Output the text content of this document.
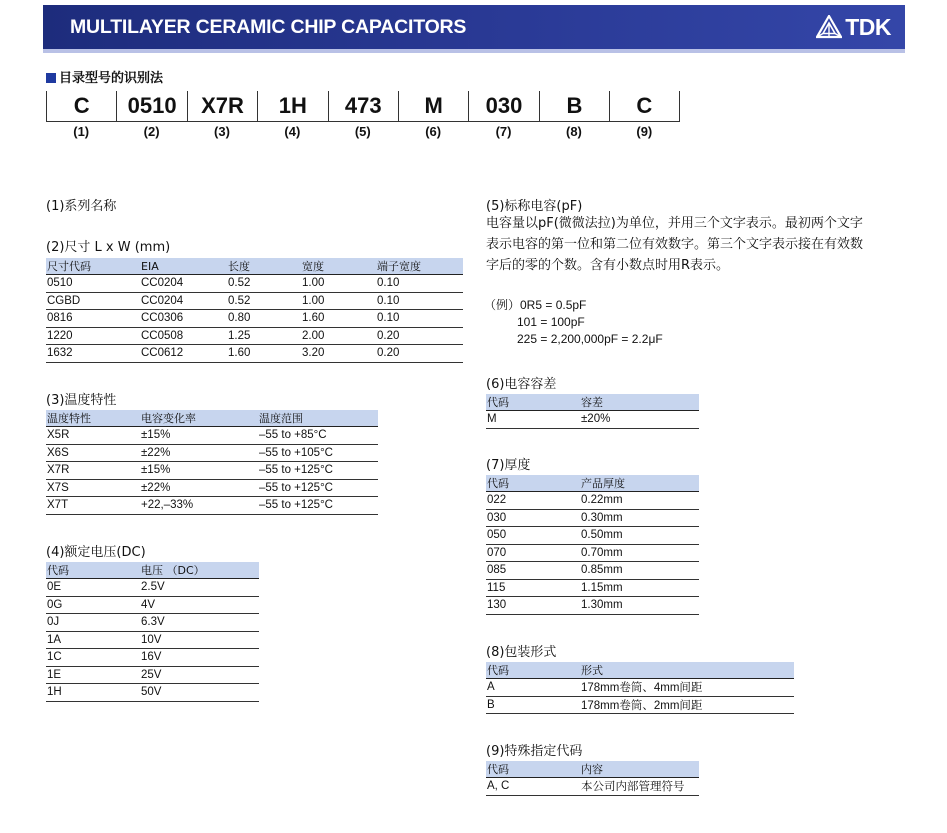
MULTILAYER CERAMIC CHIP CAPACITORS	TDK
目录型号的识别法
C	0510	X7R	1H	473	M	030	B	C
(1)	(2)	(3)	(4)	(5)	(6)	(7)	(8)	(9)
(1)系列名称
(2)尺寸 L x W (mm)
尺寸代码	EIA	长度	宽度	端子宽度
0510	CC0204	0.52	1.00	0.10
CGBD	CC0204	0.52	1.00	0.10
0816	CC0306	0.80	1.60	0.10
1220	CC0508	1.25	2.00	0.20
1632	CC0612	1.60	3.20	0.20
(3)温度特性
温度特性	电容变化率	温度范围
X5R	±15%	–55 to +85°C
X6S	±22%	–55 to +105°C
X7R	±15%	–55 to +125°C
X7S	±22%	–55 to +125°C
X7T	+22,–33%	–55 to +125°C
(4)额定电压(DC)
代码	电压 （DC）
0E	2.5V
0G	4V
0J	6.3V
1A	10V
1C	16V
1E	25V
1H	50V
(5)标称电容(pF)
电容量以pF(微微法拉)为单位，并用三个文字表示。最初两个文字
表示电容的第一位和第二位有效数字。第三个文字表示接在有效数
字后的零的个数。含有小数点时用R表示。
（例）0R5 = 0.5pF
101 = 100pF
225 = 2,200,000pF = 2.2μF
(6)电容容差
代码	容差
M	±20%
(7)厚度
代码	产品厚度
022	0.22mm
030	0.30mm
050	0.50mm
070	0.70mm
085	0.85mm
115	1.15mm
130	1.30mm
(8)包装形式
代码	形式
A	178mm卷筒、4mm间距
B	178mm卷筒、2mm间距
(9)特殊指定代码
代码	内容
A, C	本公司内部管理符号
